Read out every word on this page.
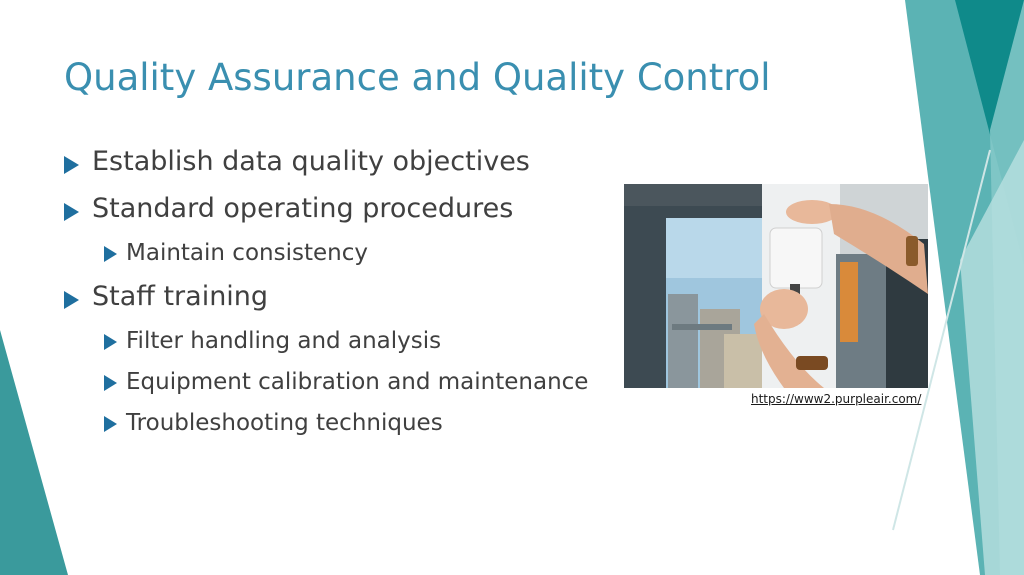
Quality Assurance and Quality Control
Establish data quality objectives
Standard operating procedures
Maintain consistency
Staff training
Filter handling and analysis
Equipment calibration and maintenance
Troubleshooting techniques
https://www2.purpleair.com/
